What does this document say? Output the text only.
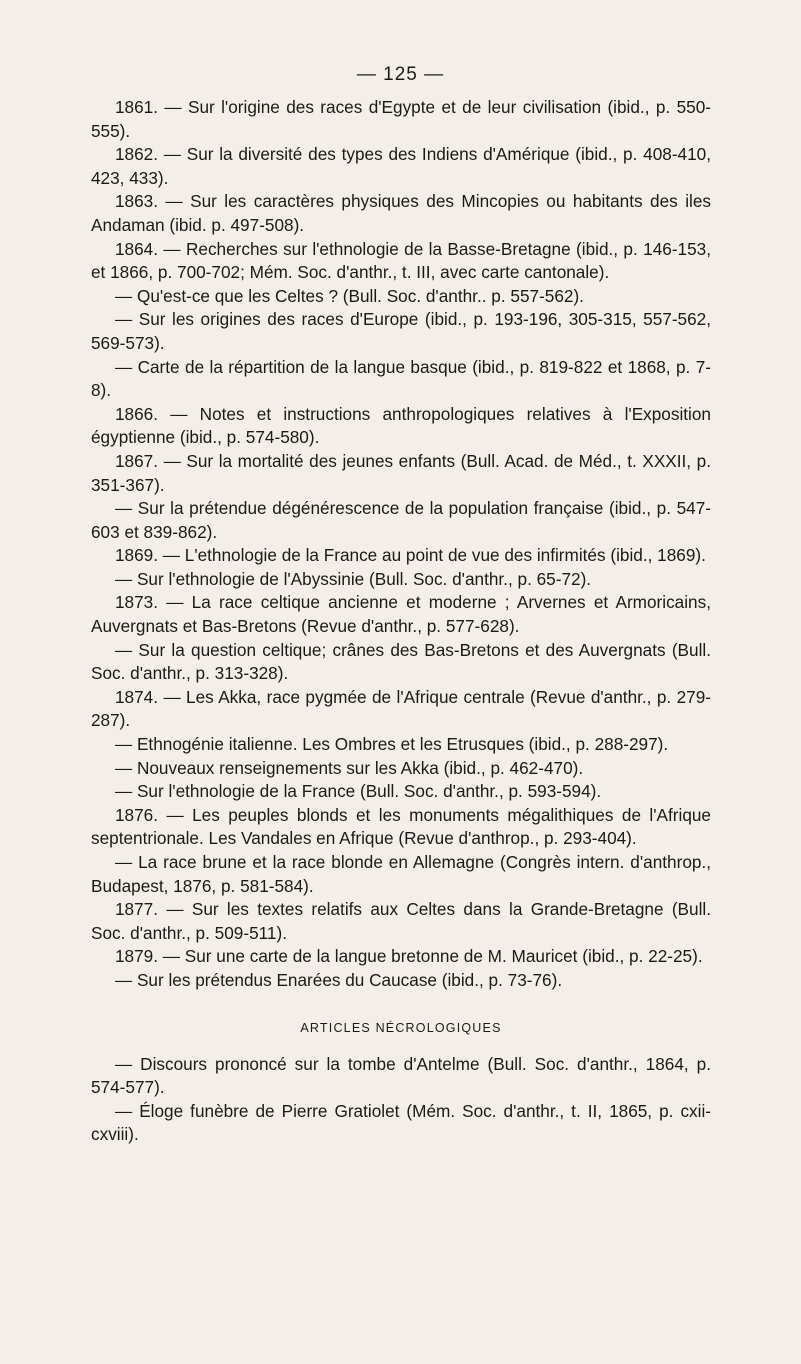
— 125 —

1861. — Sur l'origine des races d'Egypte et de leur civilisation (ibid., p. 550-555).

1862. — Sur la diversité des types des Indiens d'Amérique (ibid., p. 408-410, 423, 433).

1863. — Sur les caractères physiques des Mincopies ou habitants des iles Andaman (ibid. p. 497-508).

1864. — Recherches sur l'ethnologie de la Basse-Bretagne (ibid., p. 146-153, et 1866, p. 700-702; Mém. Soc. d'anthr., t. III, avec carte cantonale).

— Qu'est-ce que les Celtes ? (Bull. Soc. d'anthr.. p. 557-562).

— Sur les origines des races d'Europe (ibid., p. 193-196, 305-315, 557-562, 569-573).

— Carte de la répartition de la langue basque (ibid., p. 819-822 et 1868, p. 7-8).

1866. — Notes et instructions anthropologiques relatives à l'Exposition égyptienne (ibid., p. 574-580).

1867. — Sur la mortalité des jeunes enfants (Bull. Acad. de Méd., t. XXXII, p. 351-367).

— Sur la prétendue dégénérescence de la population française (ibid., p. 547-603 et 839-862).

1869. — L'ethnologie de la France au point de vue des infirmités (ibid., 1869).

— Sur l'ethnologie de l'Abyssinie (Bull. Soc. d'anthr., p. 65-72).

1873. — La race celtique ancienne et moderne ; Arvernes et Armoricains, Auvergnats et Bas-Bretons (Revue d'anthr., p. 577-628).

— Sur la question celtique; crânes des Bas-Bretons et des Auvergnats (Bull. Soc. d'anthr., p. 313-328).

1874. — Les Akka, race pygmée de l'Afrique centrale (Revue d'anthr., p. 279-287).

— Ethnogénie italienne. Les Ombres et les Etrusques (ibid., p. 288-297).

— Nouveaux renseignements sur les Akka (ibid., p. 462-470).

— Sur l'ethnologie de la France (Bull. Soc. d'anthr., p. 593-594).

1876. — Les peuples blonds et les monuments mégalithiques de l'Afrique septentrionale. Les Vandales en Afrique (Revue d'anthrop., p. 293-404).

— La race brune et la race blonde en Allemagne (Congrès intern. d'anthrop., Budapest, 1876, p. 581-584).

1877. — Sur les textes relatifs aux Celtes dans la Grande-Bretagne (Bull. Soc. d'anthr., p. 509-511).

1879. — Sur une carte de la langue bretonne de M. Mauricet (ibid., p. 22-25).

— Sur les prétendus Enarées du Caucase (ibid., p. 73-76).

ARTICLES NÉCROLOGIQUES

— Discours prononcé sur la tombe d'Antelme (Bull. Soc. d'anthr., 1864, p. 574-577).

— Éloge funèbre de Pierre Gratiolet (Mém. Soc. d'anthr., t. II, 1865, p. cxii-cxviii).
